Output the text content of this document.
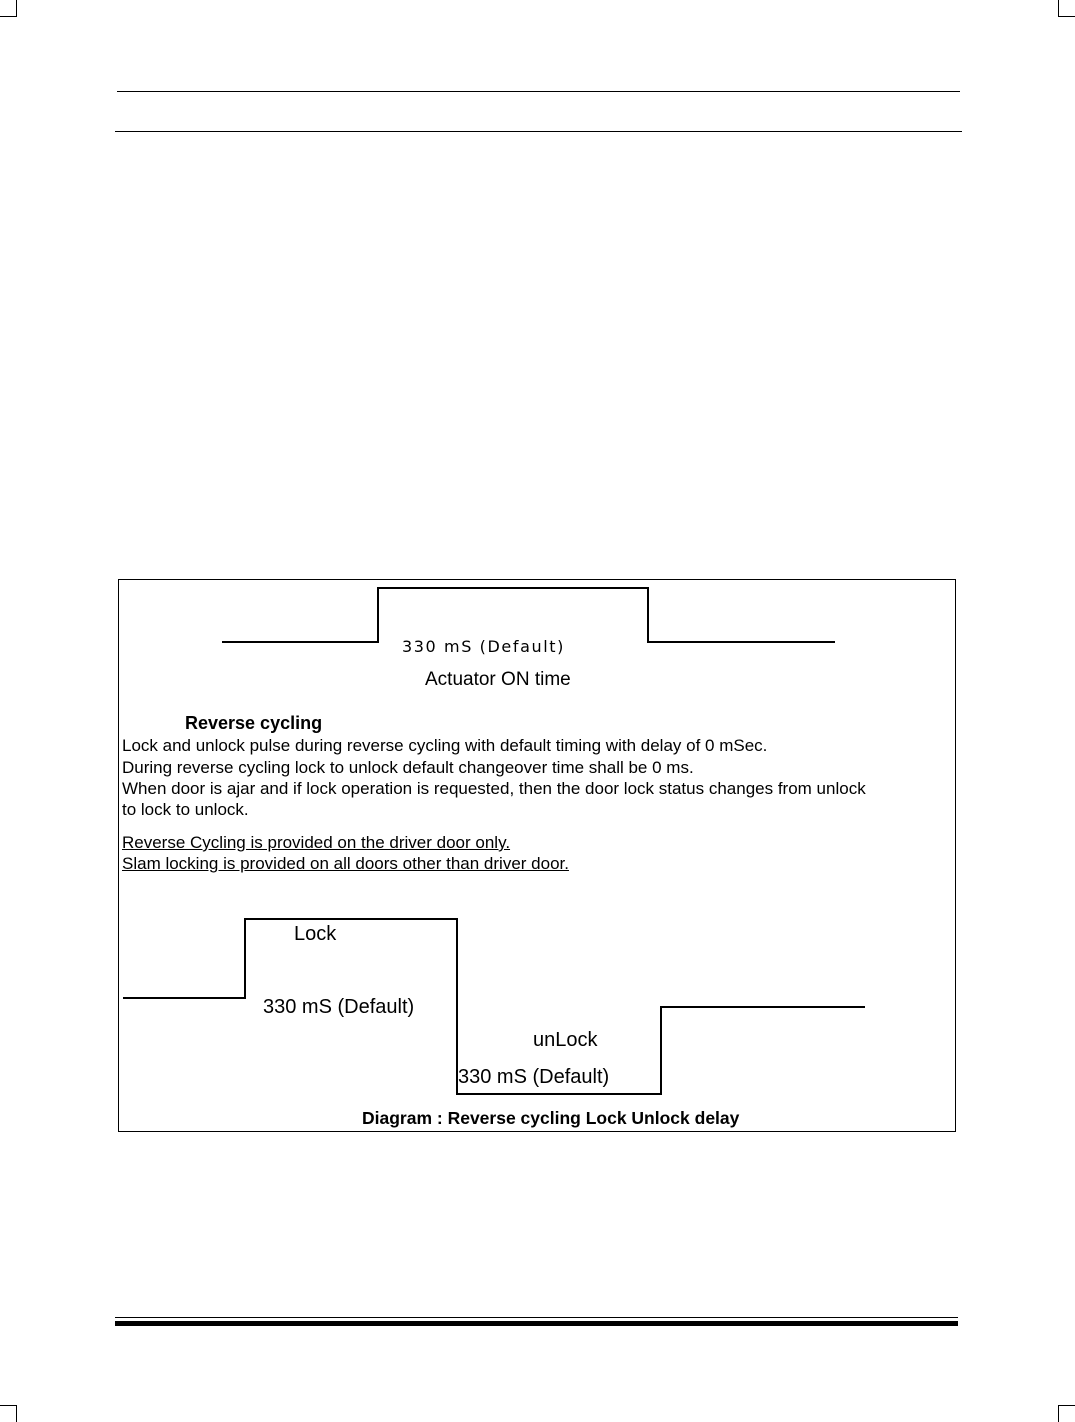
330 mS (Default)
Actuator ON time
Reverse cycling
Lock and unlock pulse during reverse cycling with default timing with delay of 0 mSec.
During reverse cycling lock to unlock default changeover time shall be 0 ms.
When door is ajar and if lock operation is requested, then the door lock status changes from unlock
to lock to unlock.
Reverse Cycling is provided on the driver door only.
Slam locking is provided on all doors other than driver door.
Lock
330 mS (Default)
unLock
330 mS (Default)
Diagram : Reverse cycling Lock Unlock delay
